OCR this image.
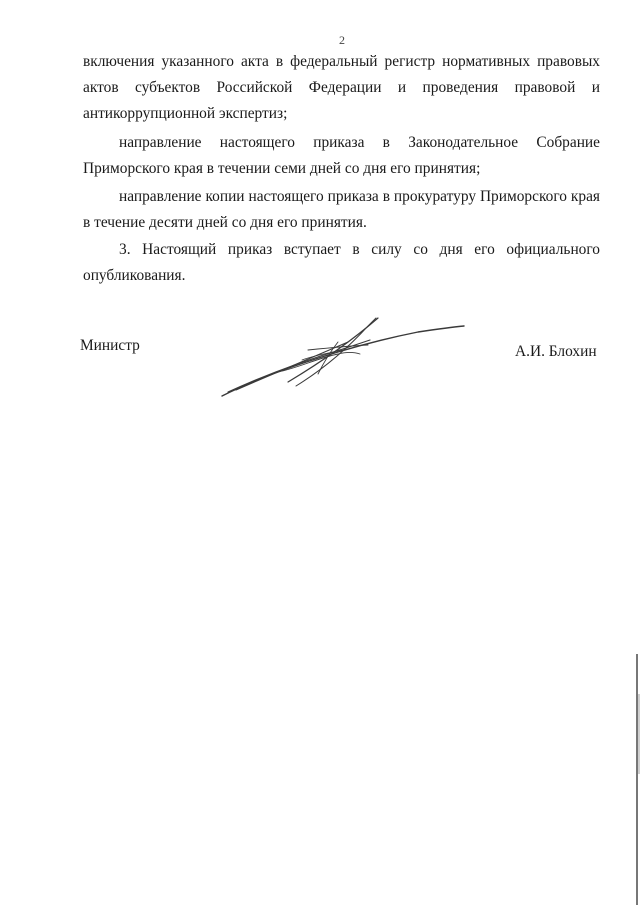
2
включения указанного акта в федеральный регистр нормативных правовых
актов субъектов Российской Федерации и проведения правовой и
антикоррупционной экспертиз;
направление настоящего приказа в Законодательное Собрание
Приморского края в течении семи дней со дня его принятия;
направление копии настоящего приказа в прокуратуру Приморского края
в течение десяти дней со дня его принятия.
3. Настоящий приказ вступает в силу со дня его официального
опубликования.
Министр	А.И. Блохин
